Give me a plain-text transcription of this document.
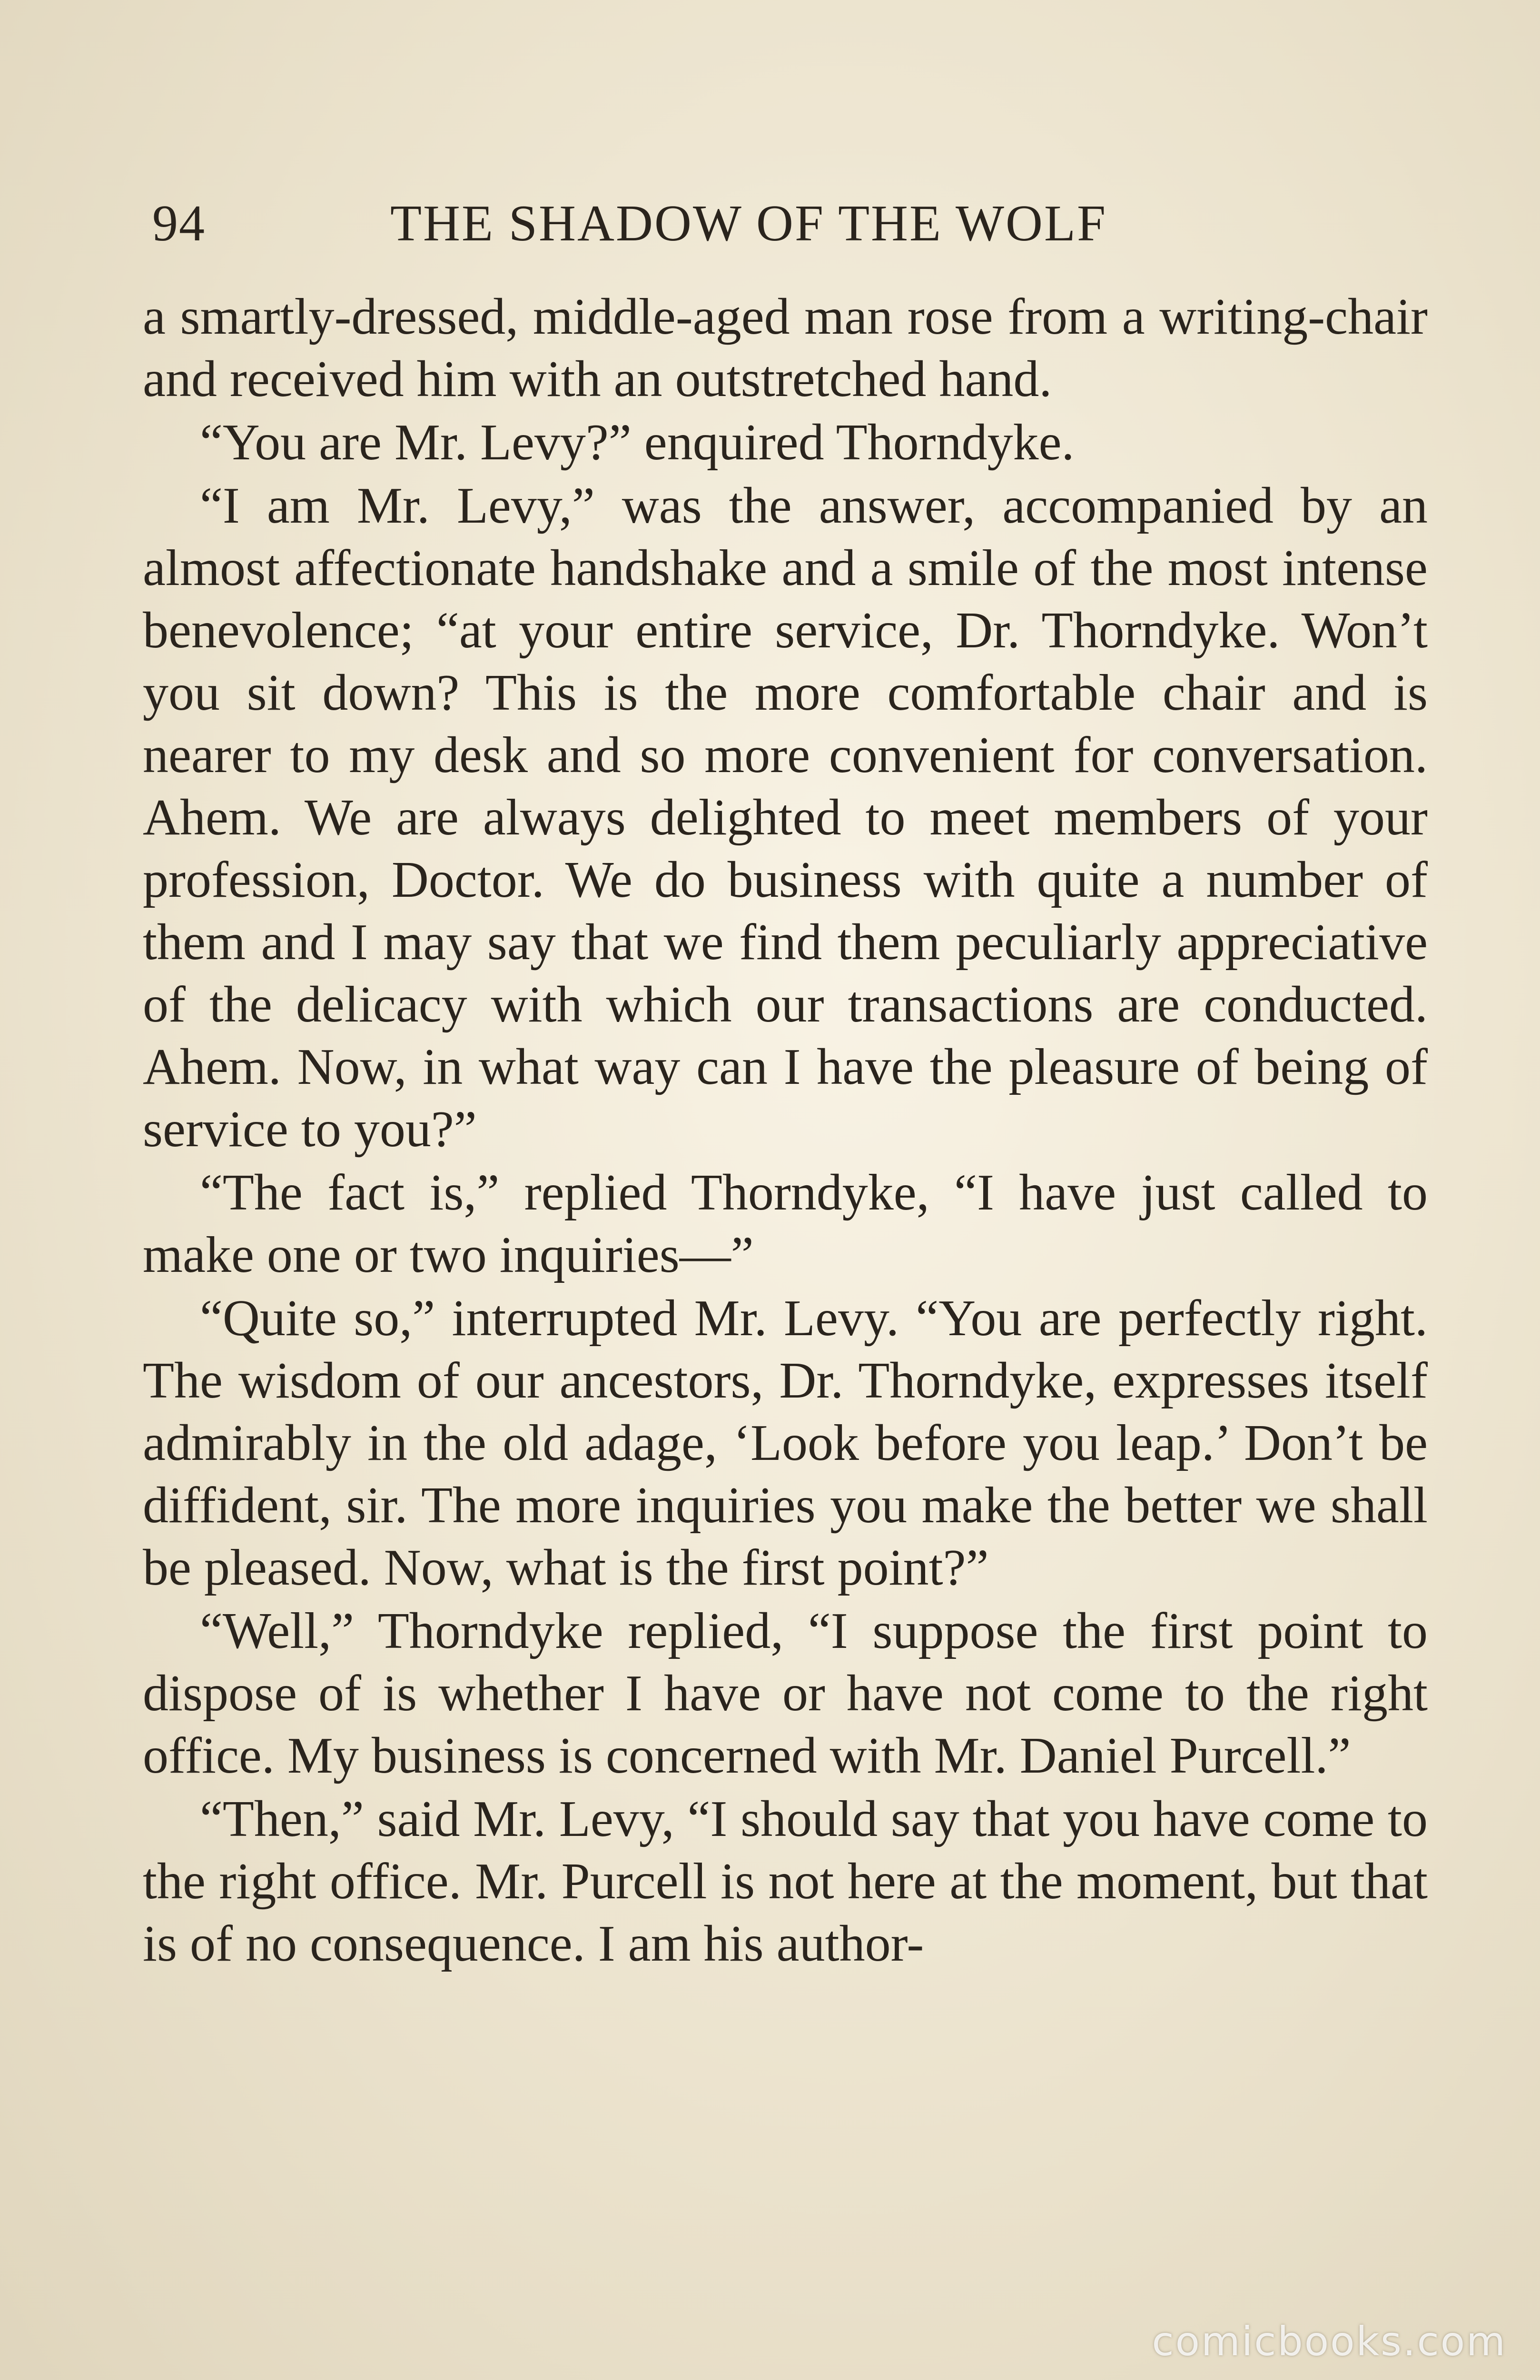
94	THE SHADOW OF THE WOLF

a smartly-dressed, middle-aged man rose from a writing-chair and received him with an outstretched hand.

“You are Mr. Levy?” enquired Thorndyke.

“I am Mr. Levy,” was the answer, accompanied by an almost affectionate handshake and a smile of the most intense benevolence; “at your entire service, Dr. Thorndyke. Won’t you sit down? This is the more comfortable chair and is nearer to my desk and so more convenient for conversation. Ahem. We are always delighted to meet members of your profession, Doctor. We do business with quite a number of them and I may say that we find them peculiarly appreciative of the delicacy with which our transactions are conducted. Ahem. Now, in what way can I have the pleasure of being of service to you?”

“The fact is,” replied Thorndyke, “I have just called to make one or two inquiries—”

“Quite so,” interrupted Mr. Levy. “You are perfectly right. The wisdom of our ancestors, Dr. Thorndyke, expresses itself admirably in the old adage, ‘Look before you leap.’ Don’t be diffident, sir. The more inquiries you make the better we shall be pleased. Now, what is the first point?”

“Well,” Thorndyke replied, “I suppose the first point to dispose of is whether I have or have not come to the right office. My business is concerned with Mr. Daniel Purcell.”

“Then,” said Mr. Levy, “I should say that you have come to the right office. Mr. Purcell is not here at the moment, but that is of no consequence. I am his author-

comicbooks.com
